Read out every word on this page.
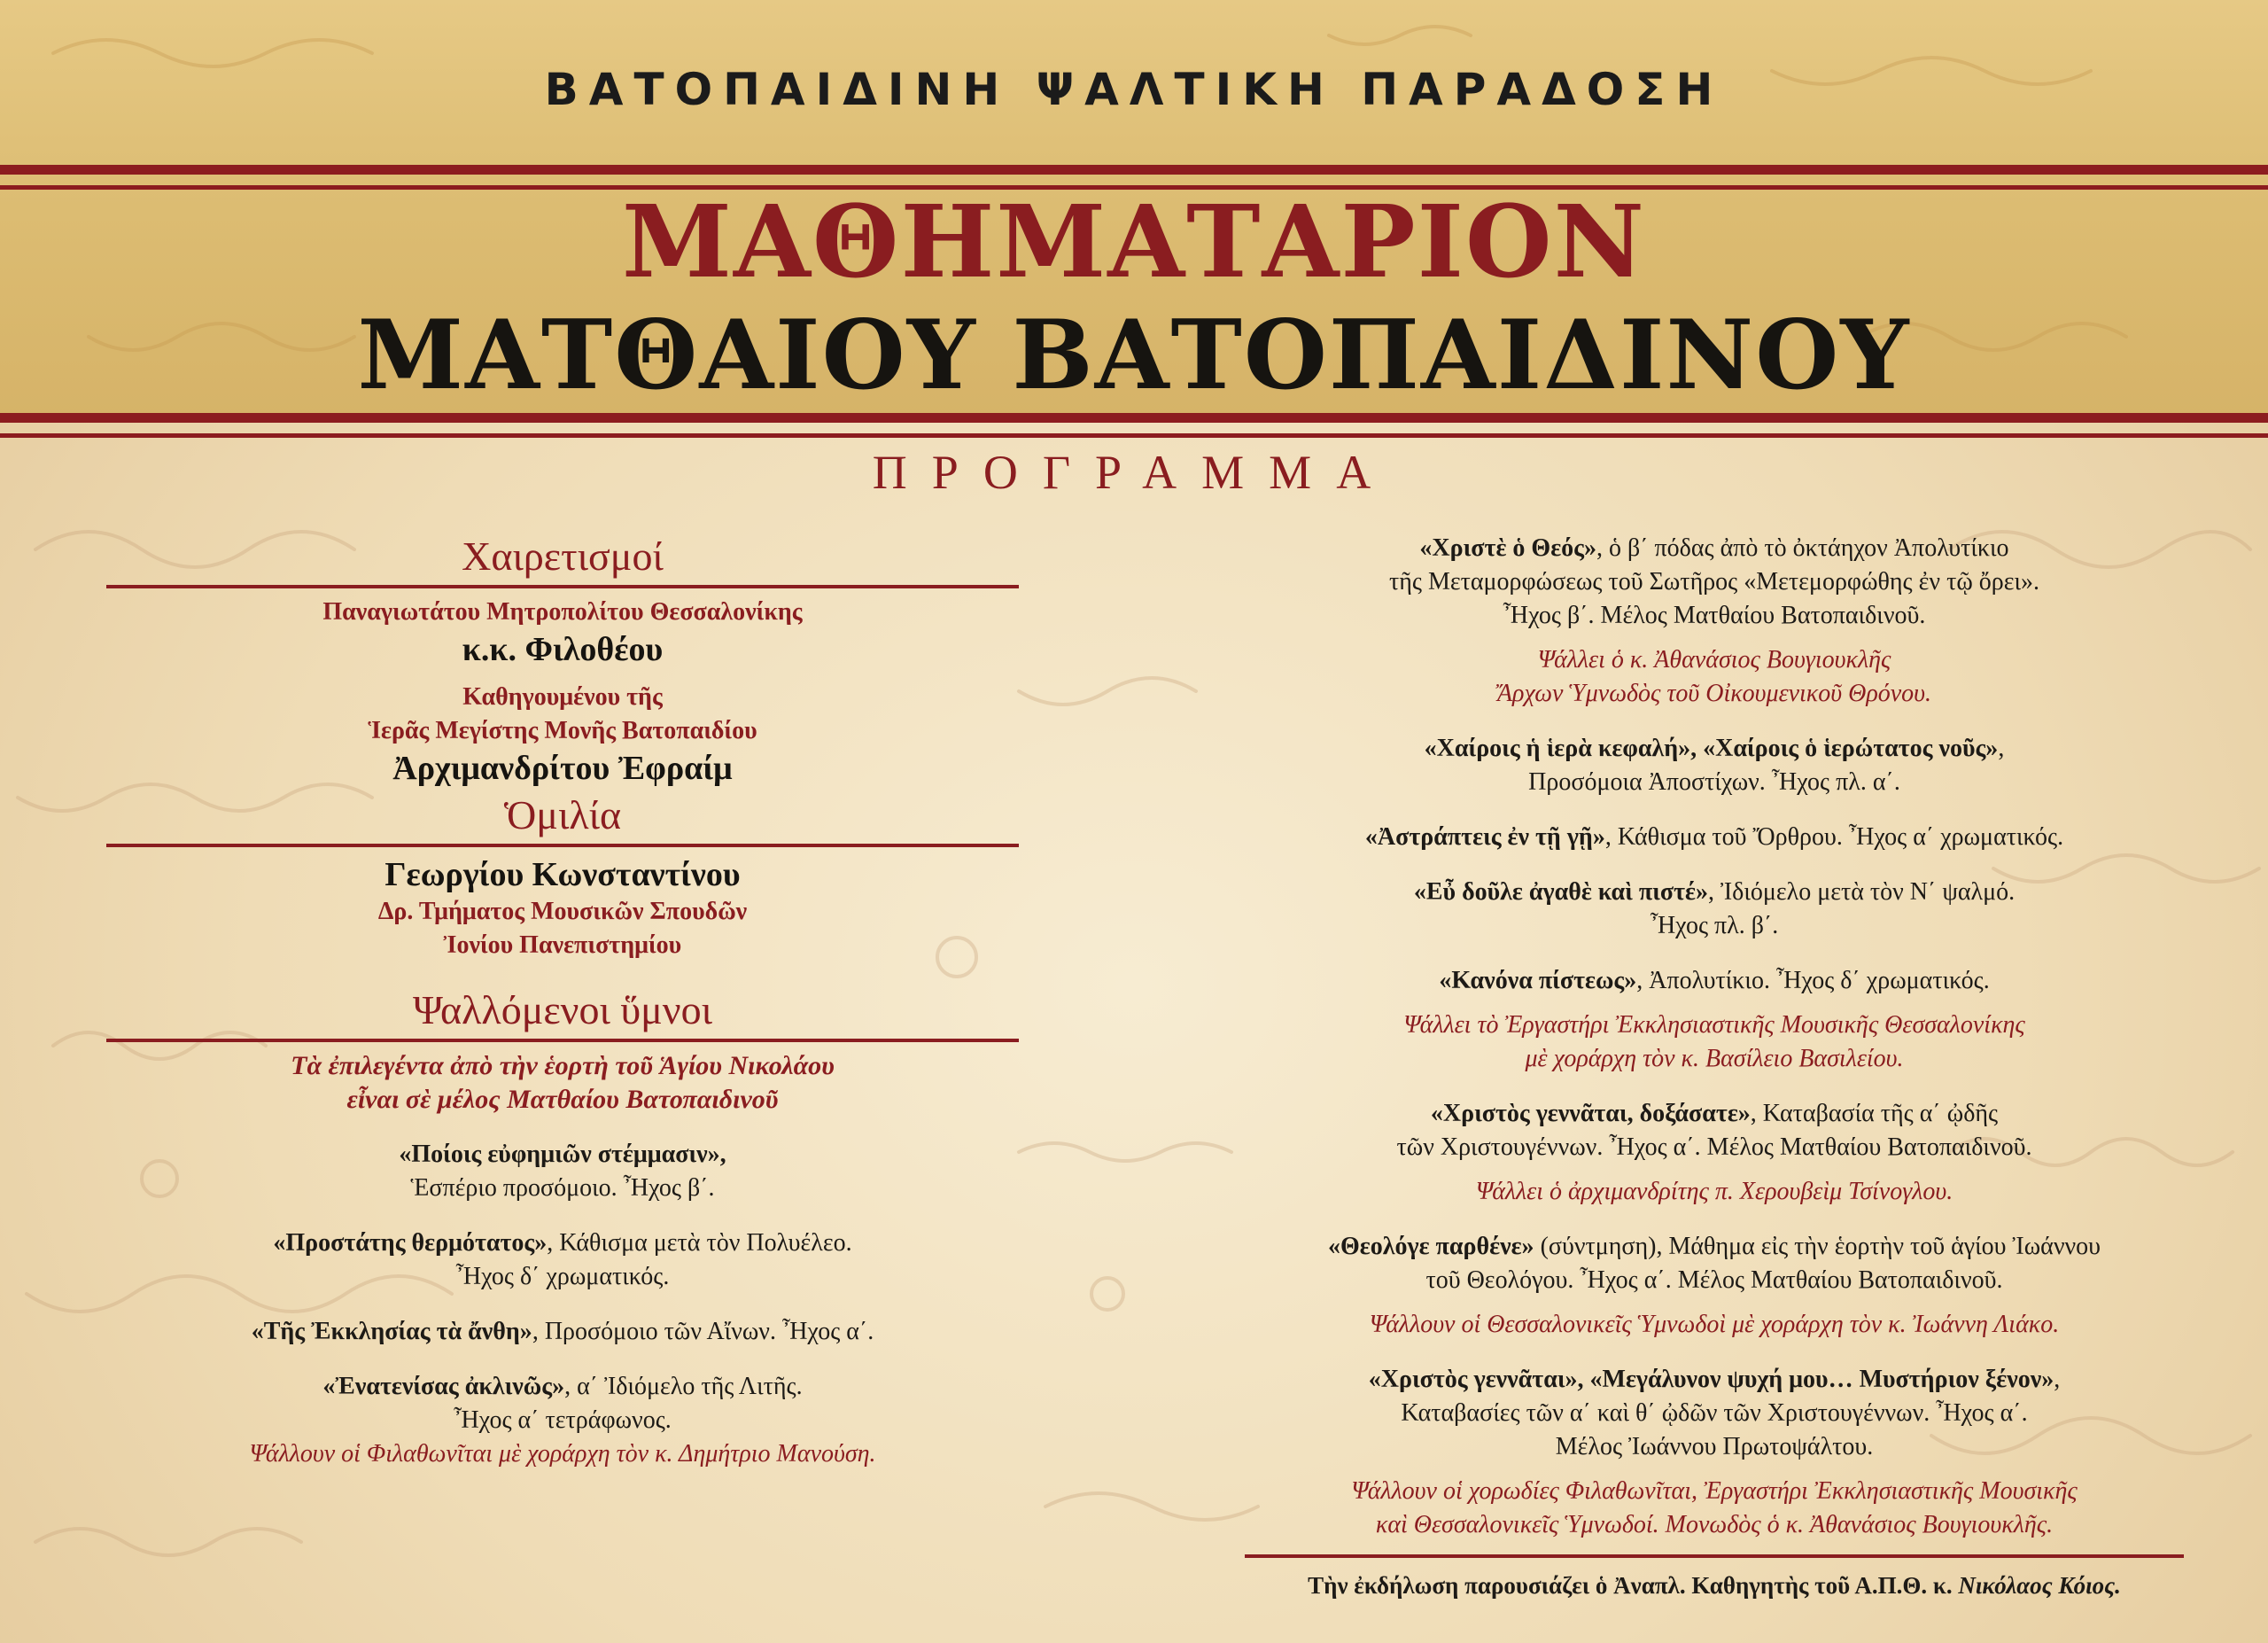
ΒΑΤΟΠΑΙΔΙΝΗ ΨΑΛΤΙΚΗ ΠΑΡΑΔΟΣΗ
ΜΑΘΗΜΑΤΑΡΙΟΝ
ΜΑΤΘΑΙΟΥ ΒΑΤΟΠΑΙΔΙΝΟΥ
ΠΡΟΓΡΑΜΜΑ
Χαιρετισμοί
Παναγιωτάτου Μητροπολίτου Θεσσαλονίκης
κ.κ. Φιλοθέου
Καθηγουμένου τῆς
Ἱερᾶς Μεγίστης Μονῆς Βατοπαιδίου
Ἀρχιμανδρίτου Ἐφραίμ
Ὁμιλία
Γεωργίου Κωνσταντίνου
Δρ. Τμήματος Μουσικῶν Σπουδῶν
Ἰονίου Πανεπιστημίου
Ψαλλόμενοι ὕμνοι
Τὰ ἐπιλεγέντα ἀπὸ τὴν ἑορτὴ τοῦ Ἁγίου Νικολάου
εἶναι σὲ μέλος Ματθαίου Βατοπαιδινοῦ
«Ποίοις εὐφημιῶν στέμμασιν»,
Ἑσπέριο προσόμοιο. Ἦχος β΄.
«Προστάτης θερμότατος», Κάθισμα μετὰ τὸν Πολυέλεο.
Ἦχος δ΄ χρωματικός.
«Τῆς Ἐκκλησίας τὰ ἄνθη», Προσόμοιο τῶν Αἴνων. Ἦχος α΄.
«Ἐνατενίσας ἀκλινῶς», α΄ Ἰδιόμελο τῆς Λιτῆς.
Ἦχος α΄ τετράφωνος.
Ψάλλουν οἱ Φιλαθωνῖται μὲ χοράρχη τὸν κ. Δημήτριο Μανούση.
«Χριστὲ ὁ Θεός», ὁ β΄ πόδας ἀπὸ τὸ ὀκτάηχον Ἀπολυτίκιο
τῆς Μεταμορφώσεως τοῦ Σωτῆρος «Μετεμορφώθης ἐν τῷ ὄρει».
Ἦχος β΄. Μέλος Ματθαίου Βατοπαιδινοῦ.
Ψάλλει ὁ κ. Ἀθανάσιος Βουγιουκλῆς
Ἄρχων Ὑμνωδὸς τοῦ Οἰκουμενικοῦ Θρόνου.
«Χαίροις ἡ ἱερὰ κεφαλή», «Χαίροις ὁ ἱερώτατος νοῦς»,
Προσόμοια Ἀποστίχων. Ἦχος πλ. α΄.
«Ἀστράπτεις ἐν τῇ γῇ», Κάθισμα τοῦ Ὄρθρου. Ἦχος α΄ χρωματικός.
«Εὖ δοῦλε ἀγαθὲ καὶ πιστέ», Ἰδιόμελο μετὰ τὸν Ν΄ ψαλμό.
Ἦχος πλ. β΄.
«Κανόνα πίστεως», Ἀπολυτίκιο. Ἦχος δ΄ χρωματικός.
Ψάλλει τὸ Ἐργαστήρι Ἐκκλησιαστικῆς Μουσικῆς Θεσσαλονίκης
μὲ χοράρχη τὸν κ. Βασίλειο Βασιλείου.
«Χριστὸς γεννᾶται, δοξάσατε», Καταβασία τῆς α΄ ᾠδῆς
τῶν Χριστουγέννων. Ἦχος α΄. Μέλος Ματθαίου Βατοπαιδινοῦ.
Ψάλλει ὁ ἀρχιμανδρίτης π. Χερουβεὶμ Τσίνογλου.
«Θεολόγε παρθένε» (σύντμηση), Μάθημα εἰς τὴν ἑορτὴν τοῦ ἁγίου Ἰωάννου
τοῦ Θεολόγου. Ἦχος α΄. Μέλος Ματθαίου Βατοπαιδινοῦ.
Ψάλλουν οἱ Θεσσαλονικεῖς Ὑμνωδοὶ μὲ χοράρχη τὸν κ. Ἰωάννη Λιάκο.
«Χριστὸς γεννᾶται», «Μεγάλυνον ψυχή μου… Μυστήριον ξένον»,
Καταβασίες τῶν α΄ καὶ θ΄ ᾠδῶν τῶν Χριστουγέννων. Ἦχος α΄.
Μέλος Ἰωάννου Πρωτοψάλτου.
Ψάλλουν οἱ χορωδίες Φιλαθωνῖται, Ἐργαστήρι Ἐκκλησιαστικῆς Μουσικῆς
καὶ Θεσσαλονικεῖς Ὑμνωδοί. Μονωδὸς ὁ κ. Ἀθανάσιος Βουγιουκλῆς.
Τὴν ἐκδήλωση παρουσιάζει ὁ Ἀναπλ. Καθηγητὴς τοῦ Α.Π.Θ. κ. Νικόλαος Κόιος.
